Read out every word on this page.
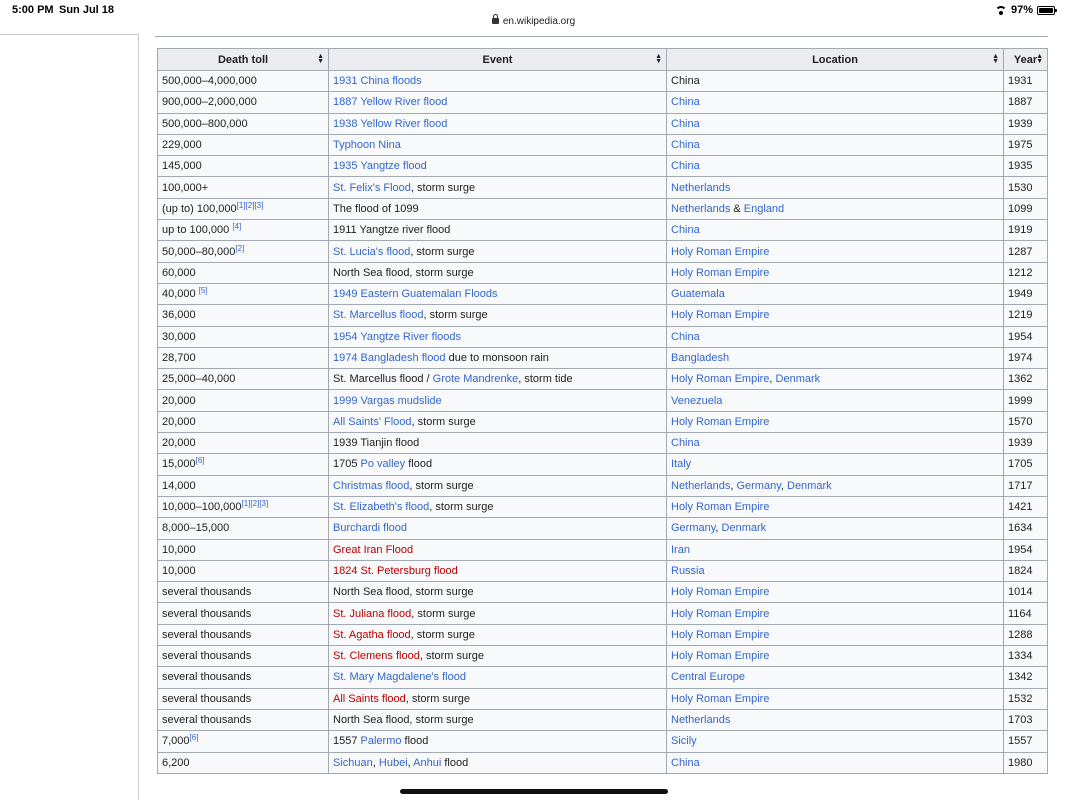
5:00 PM Sun Jul 18
en.wikipedia.org
97%
Death toll ▲
▼	Event ▲
▼	Location ▲
▼	Year
▲
▼

500,000–4,000,000	1931 China floods	China	1931
900,000–2,000,000	1887 Yellow River flood	China	1887
500,000–800,000	1938 Yellow River flood	China	1939
229,000	Typhoon Nina	China	1975
145,000	1935 Yangtze flood	China	1935
100,000+	St. Felix's Flood, storm surge	Netherlands	1530
(up to) 100,000[1][2][3]	The flood of 1099	Netherlands & England	1099
up to 100,000 [4]	1911 Yangtze river flood	China	1919
50,000–80,000[2]	St. Lucia's flood, storm surge	Holy Roman Empire	1287
60,000	North Sea flood, storm surge	Holy Roman Empire	1212
40,000 [5]	1949 Eastern Guatemalan Floods	Guatemala	1949
36,000	St. Marcellus flood, storm surge	Holy Roman Empire	1219
30,000	1954 Yangtze River floods	China	1954
28,700	1974 Bangladesh flood due to monsoon rain	Bangladesh	1974
25,000–40,000	St. Marcellus flood / Grote Mandrenke, storm tide	Holy Roman Empire, Denmark	1362
20,000	1999 Vargas mudslide	Venezuela	1999
20,000	All Saints' Flood, storm surge	Holy Roman Empire	1570
20,000	1939 Tianjin flood	China	1939
15,000[6]	1705 Po valley flood	Italy	1705
14,000	Christmas flood, storm surge	Netherlands, Germany, Denmark	1717
10,000–100,000[1][2][3]	St. Elizabeth's flood, storm surge	Holy Roman Empire	1421
8,000–15,000	Burchardi flood	Germany, Denmark	1634
10,000	Great Iran Flood	Iran	1954
10,000	1824 St. Petersburg flood	Russia	1824
several thousands	North Sea flood, storm surge	Holy Roman Empire	1014
several thousands	St. Juliana flood, storm surge	Holy Roman Empire	1164
several thousands	St. Agatha flood, storm surge	Holy Roman Empire	1288
several thousands	St. Clemens flood, storm surge	Holy Roman Empire	1334
several thousands	St. Mary Magdalene's flood	Central Europe	1342
several thousands	All Saints flood, storm surge	Holy Roman Empire	1532
several thousands	North Sea flood, storm surge	Netherlands	1703
7,000[6]	1557 Palermo flood	Sicily	1557
6,200	Sichuan, Hubei, Anhui flood	China	1980
